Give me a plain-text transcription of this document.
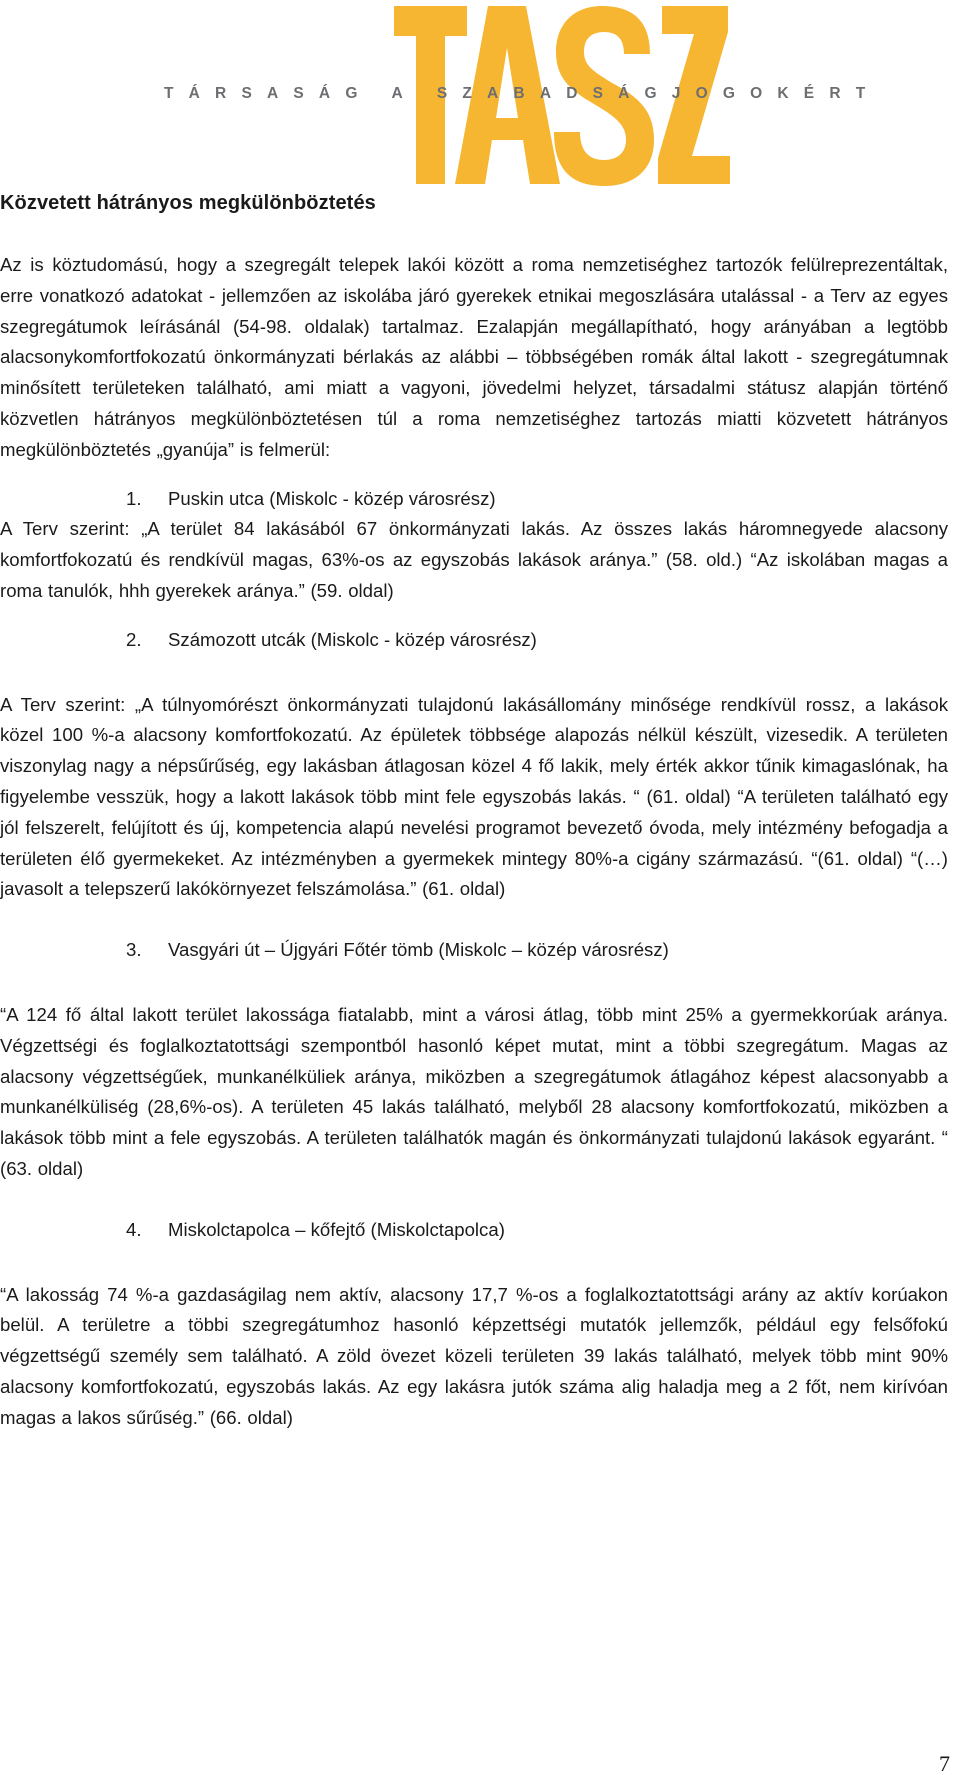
TÁRSASÁG A SZABADSÁGJOGOKÉRT
Közvetett hátrányos megkülönböztetés

Az is köztudomású, hogy a szegregált telepek lakói között a roma nemzetiséghez tartozók felülreprezentáltak, erre vonatkozó adatokat - jellemzően az iskolába járó gyerekek etnikai megoszlására utalással - a Terv az egyes szegregátumok leírásánál (54-98. oldalak) tartalmaz. Ezalapján megállapítható, hogy arányában a legtöbb alacsonykomfortfokozatú önkormányzati bérlakás az alábbi – többségében romák által lakott - szegregátumnak minősített területeken található, ami miatt a vagyoni, jövedelmi helyzet, társadalmi státusz alapján történő közvetlen hátrányos megkülönböztetésen túl a roma nemzetiséghez tartozás miatti közvetett hátrányos megkülönböztetés „gyanúja” is felmerül:

1.	Puskin utca (Miskolc - közép városrész)

A Terv szerint: „A terület 84 lakásából 67 önkormányzati lakás. Az összes lakás háromnegyede alacsony komfortfokozatú és rendkívül magas, 63%-os az egyszobás lakások aránya.” (58. old.) “Az iskolában magas a roma tanulók, hhh gyerekek aránya.” (59. oldal)

2.	Számozott utcák (Miskolc - közép városrész)

A Terv szerint: „A túlnyomórészt önkormányzati tulajdonú lakásállomány minősége rendkívül rossz, a lakások közel 100 %-a alacsony komfortfokozatú. Az épületek többsége alapozás nélkül készült, vizesedik. A területen viszonylag nagy a népsűrűség, egy lakásban átlagosan közel 4 fő lakik, mely érték akkor tűnik kimagaslónak, ha figyelembe vesszük, hogy a lakott lakások több mint fele egyszobás lakás. “ (61. oldal) “A területen található egy jól felszerelt, felújított és új, kompetencia alapú nevelési programot bevezető óvoda, mely intézmény befogadja a területen élő gyermekeket. Az intézményben a gyermekek mintegy 80%-a cigány származású. “(61. oldal) “(…) javasolt a telepszerű lakókörnyezet felszámolása.” (61. oldal)

3.	Vasgyári út – Újgyári Főtér tömb (Miskolc – közép városrész)

“A 124 fő által lakott terület lakossága fiatalabb, mint a városi átlag, több mint 25% a gyermekkorúak aránya. Végzettségi és foglalkoztatottsági szempontból hasonló képet mutat, mint a többi szegregátum. Magas az alacsony végzettségűek, munkanélküliek aránya, miközben a szegregátumok átlagához képest alacsonyabb a munkanélküliség (28,6%-os). A területen 45 lakás található, melyből 28 alacsony komfortfokozatú, miközben a lakások több mint a fele egyszobás. A területen találhatók magán és önkormányzati tulajdonú lakások egyaránt. “ (63. oldal)

4.	Miskolctapolca – kőfejtő (Miskolctapolca)

“A lakosság 74 %-a gazdaságilag nem aktív, alacsony 17,7 %-os a foglalkoztatottsági arány az aktív korúakon belül. A területre a többi szegregátumhoz hasonló képzettségi mutatók jellemzők, például egy felsőfokú végzettségű személy sem található. A zöld övezet közeli területen 39 lakás található, melyek több mint 90% alacsony komfortfokozatú, egyszobás lakás. Az egy lakásra jutók száma alig haladja meg a 2 főt, nem kirívóan magas a lakos sűrűség.” (66. oldal)

7
